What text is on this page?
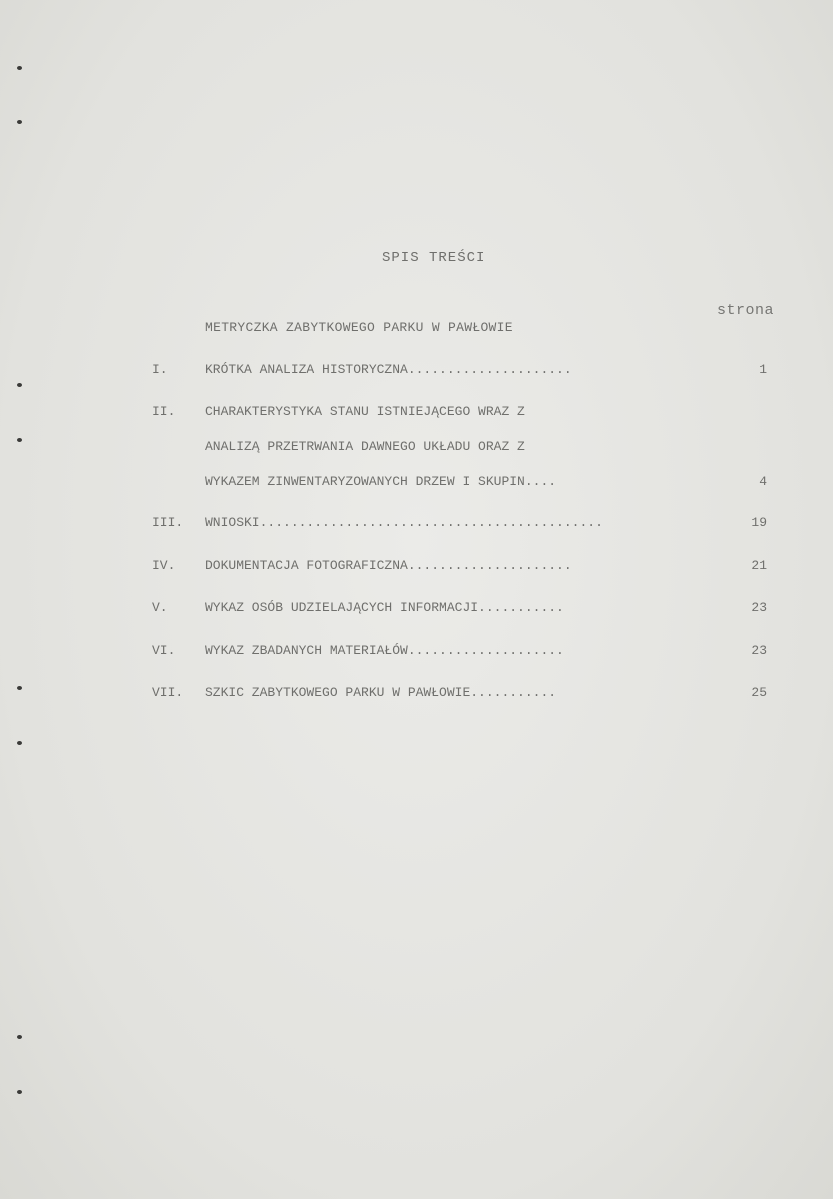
SPIS TREŚCI
strona
METRYCZKA ZABYTKOWEGO PARKU W PAWŁOWIE
I.	KRÓTKA ANALIZA HISTORYCZNA.....................	1
II. CHARAKTERYSTYKA STANU ISTNIEJĄCEGO WRAZ Z
ANALIZĄ PRZETRWANIA DAWNEGO UKŁADU ORAZ Z
WYKAZEM ZINWENTARYZOWANYCH DRZEW I SKUPIN....	4
III. WNIOSKI............................................	19
IV. DOKUMENTACJA FOTOGRAFICZNA.....................	21
V.	WYKAZ OSÓB UDZIELAJĄCYCH INFORMACJI...........	23
VI. WYKAZ ZBADANYCH MATERIAŁÓW....................	23
VII. SZKIC ZABYTKOWEGO PARKU W PAWŁOWIE...........	25
